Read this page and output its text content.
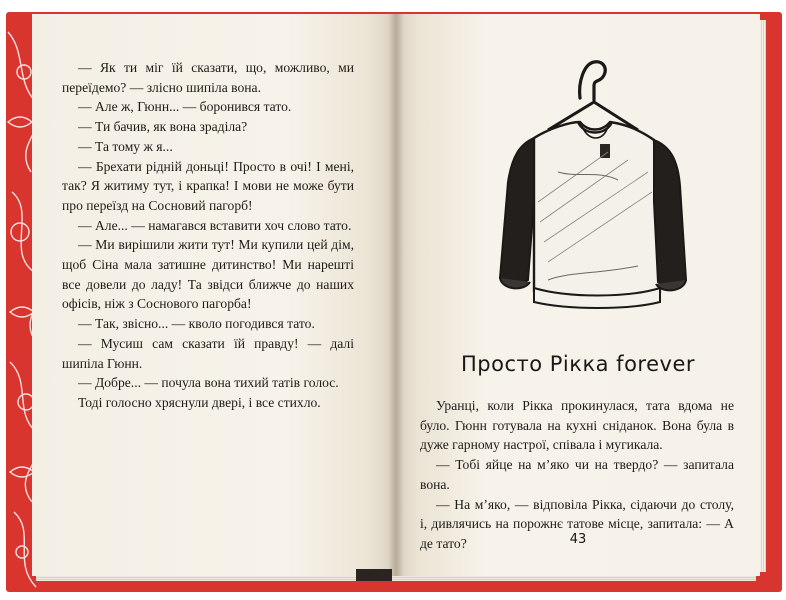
— Як ти міг їй сказати, що, можливо, ми переїдемо? — злісно шипіла вона.

— Але ж, Гюнн... — боронився тато.

— Ти бачив, як вона зраділа?

— Та тому ж я...

— Брехати рідній доньці! Просто в очі! І мені, так? Я житиму тут, і крапка! І мови не може бути про переїзд на Сосновий пагорб!

— Але... — намагався вставити хоч слово тато.

— Ми вирішили жити тут! Ми купили цей дім, щоб Сіна мала затишне дитинство! Ми нарешті все довели до ладу! Та звідси ближче до наших офісів, ніж з Соснового пагорба!

— Так, звісно... — кволо погодився тато.

— Мусиш сам сказати їй правду! — далі шипіла Гюнн.

— Добре... — почула вона тихий татів голос.

Тоді голосно хряснули двері, і все стихло.

Просто Рікка forever

Уранці, коли Рікка прокинулася, тата вдома не було. Гюнн готувала на кухні сніданок. Вона була в дуже гарному настрої, співала і мугикала.

— Тобі яйце на м’яко чи на твердо? — запитала вона.

— На м’яко, — відповіла Рікка, сідаючи до столу, і, дивлячись на порожнє татове місце, запитала: — А де тато?	43
